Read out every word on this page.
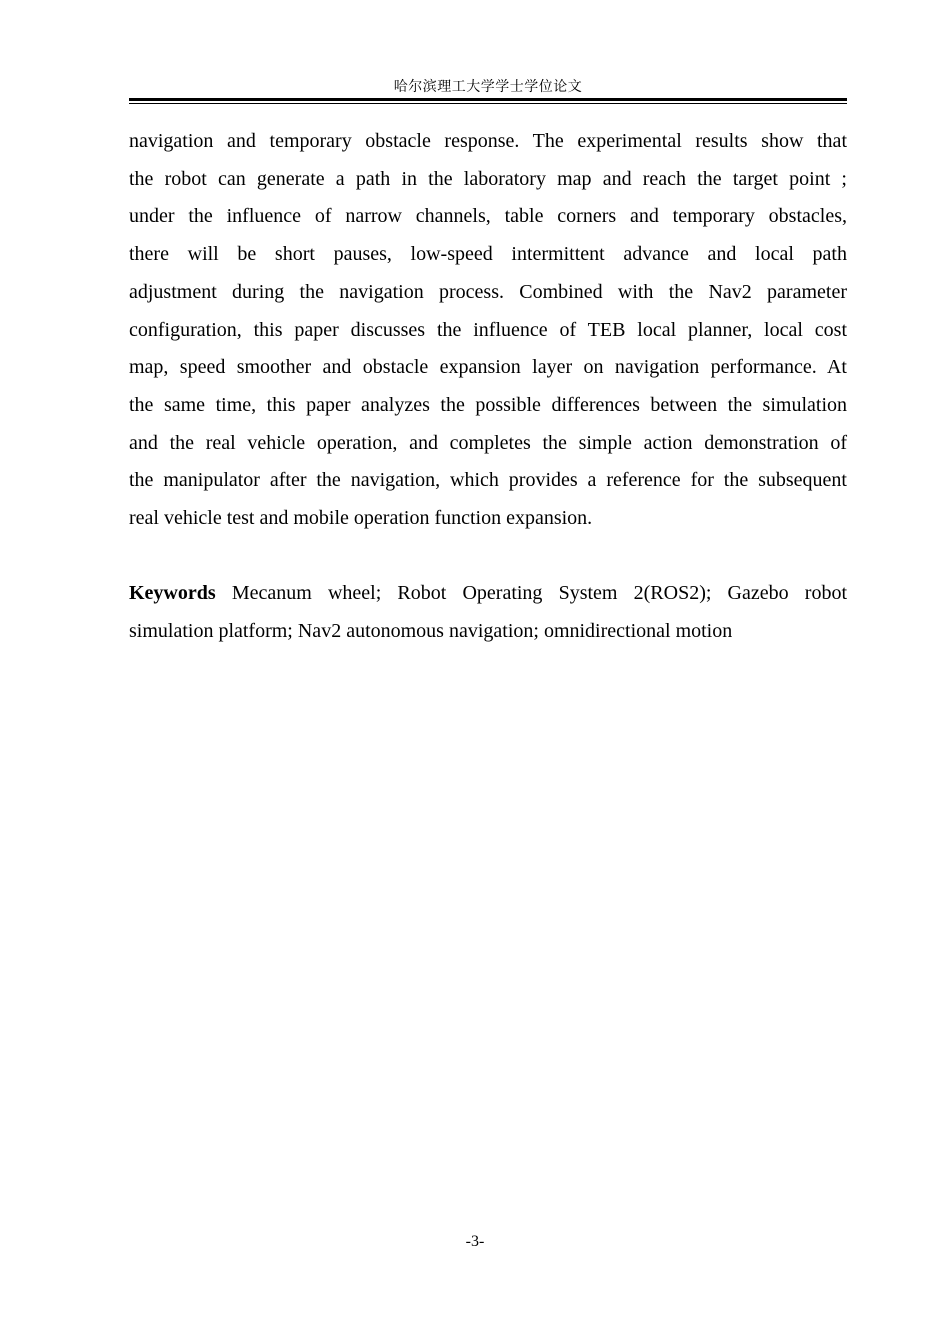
哈尔滨理工大学学士学位论文

navigation and temporary obstacle response. The experimental results show that
the robot can generate a path in the laboratory map and reach the target point ;
under the influence of narrow channels, table corners and temporary obstacles,
there will be short pauses, low-speed intermittent advance and local path
adjustment during the navigation process. Combined with the Nav2 parameter
configuration, this paper discusses the influence of TEB local planner, local cost
map, speed smoother and obstacle expansion layer on navigation performance. At
the same time, this paper analyzes the possible differences between the simulation
and the real vehicle operation, and completes the simple action demonstration of
the manipulator after the navigation, which provides a reference for the subsequent
real vehicle test and mobile operation function expansion.

Keywords Mecanum wheel; Robot Operating System 2(ROS2); Gazebo robot
simulation platform; Nav2 autonomous navigation; omnidirectional motion

-3-
